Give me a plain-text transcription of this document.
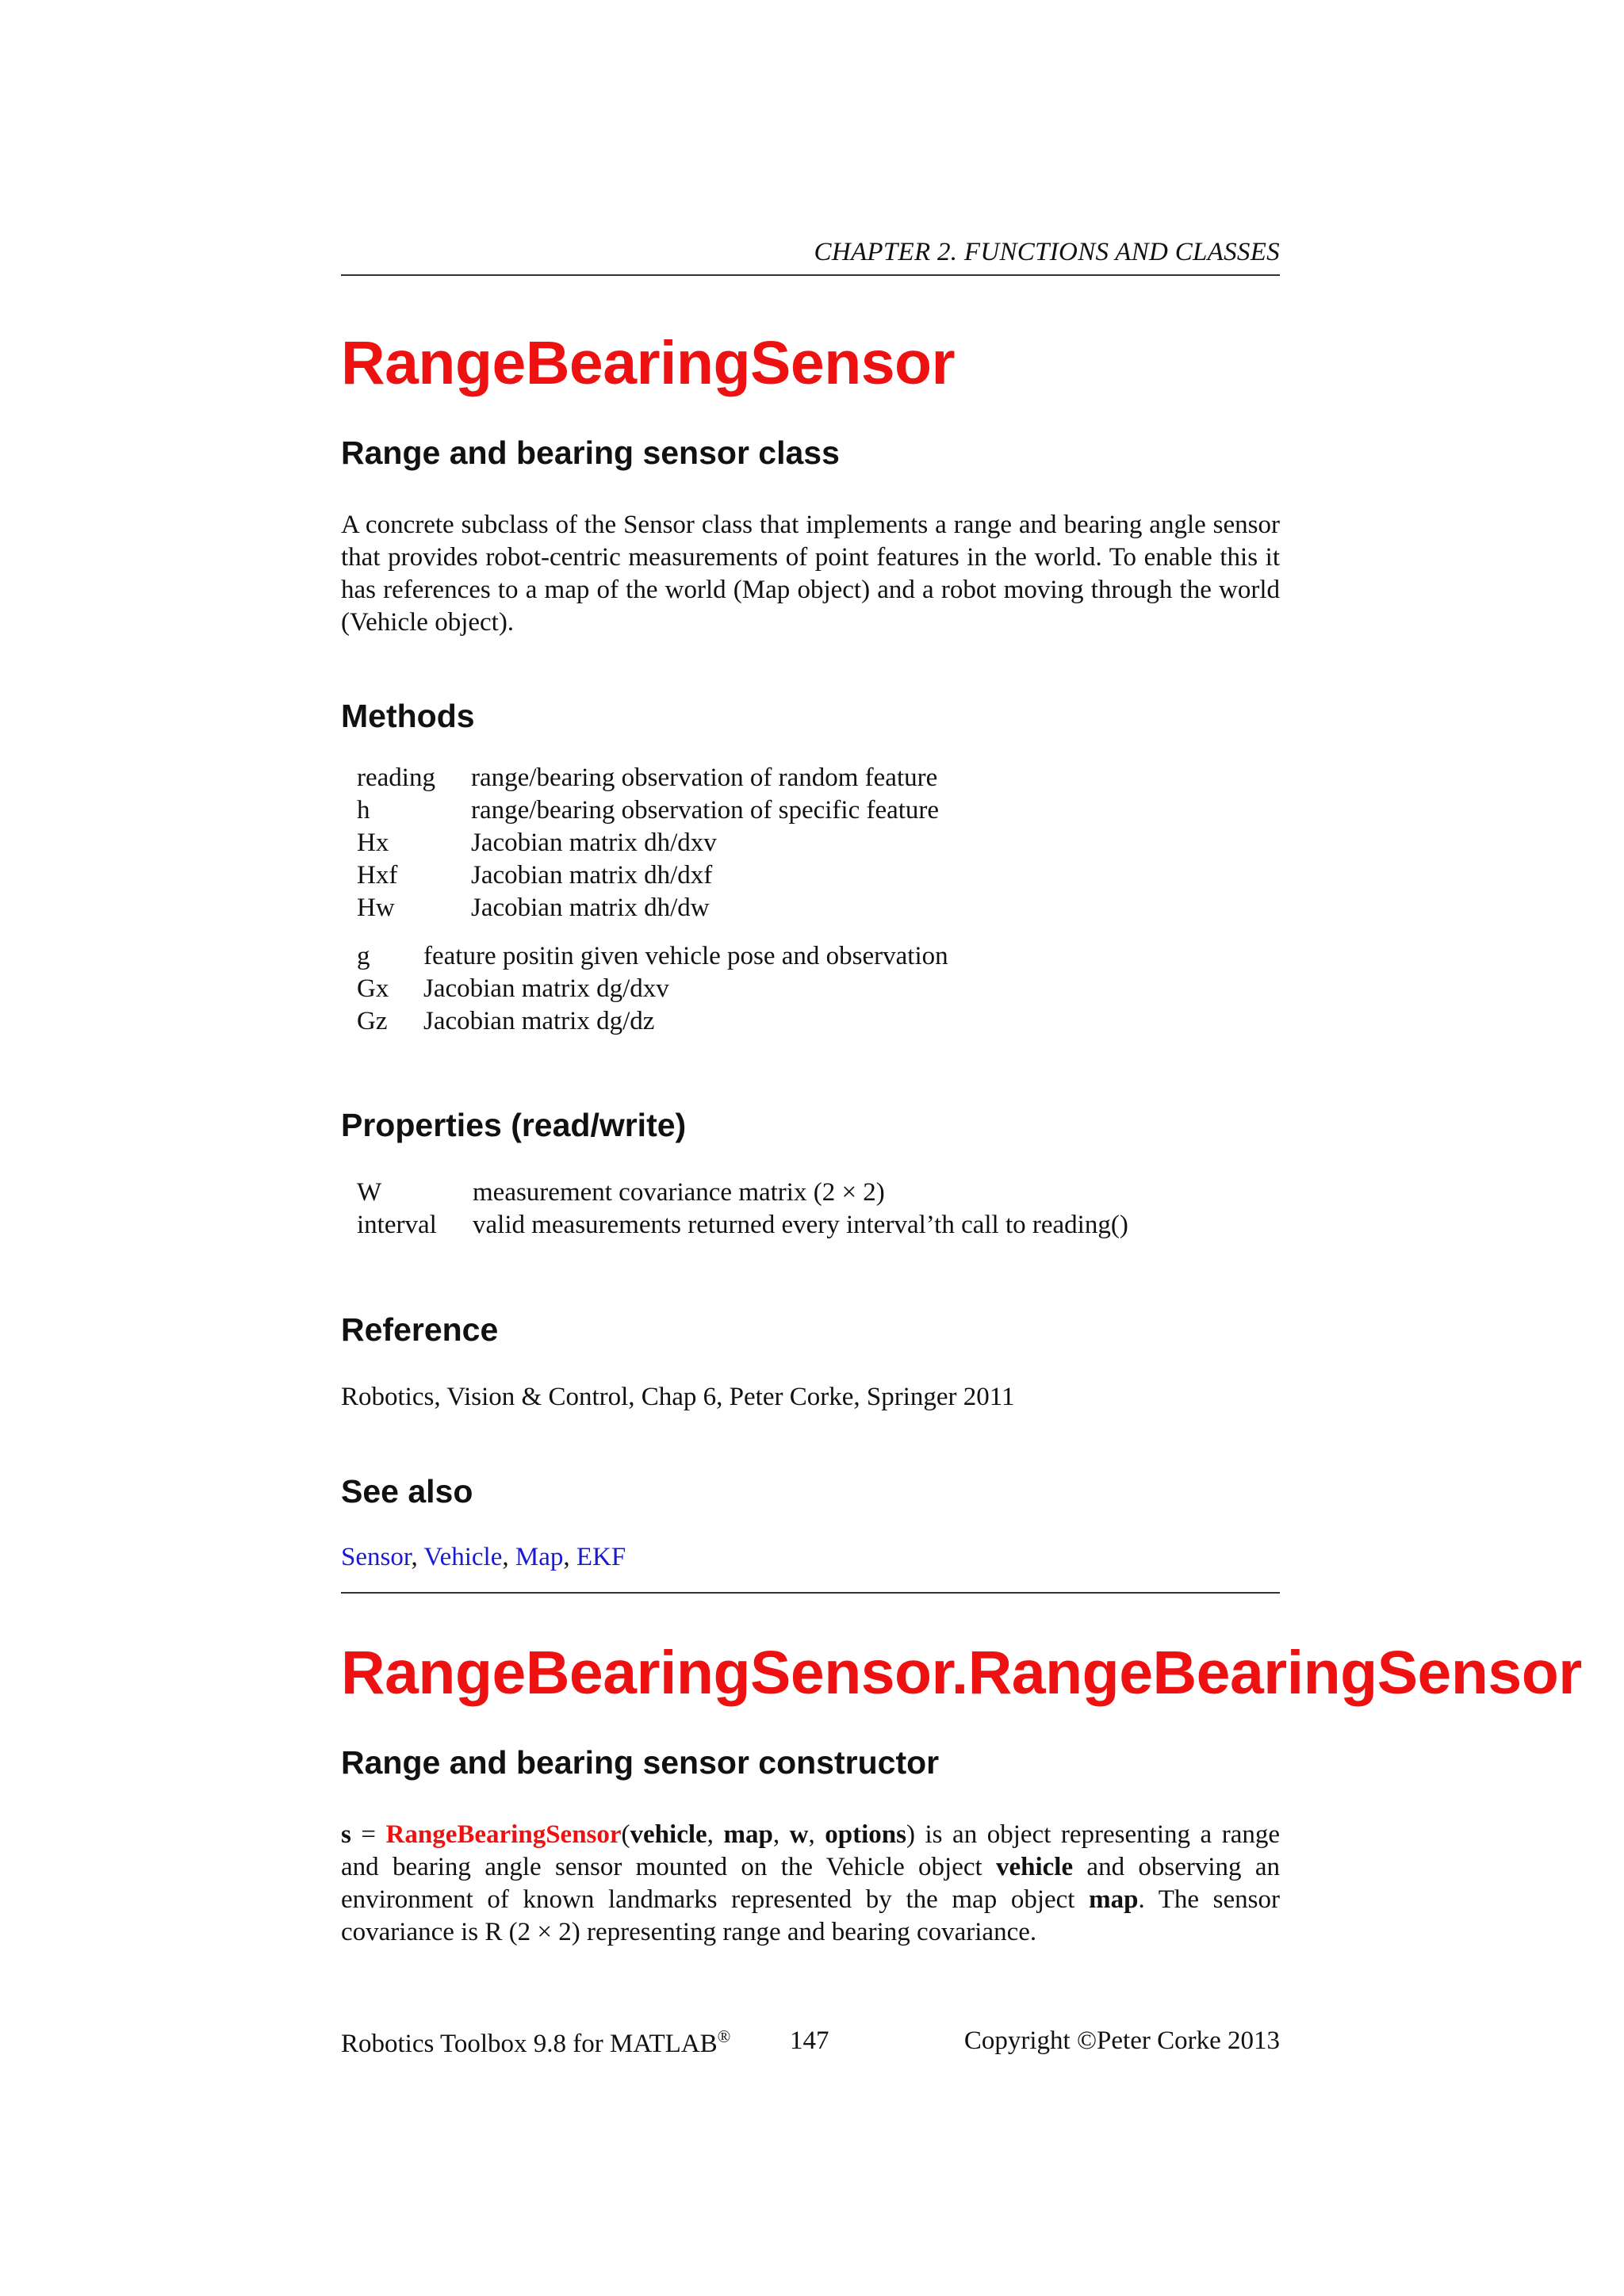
CHAPTER 2. FUNCTIONS AND CLASSES
RangeBearingSensor
Range and bearing sensor class
A concrete subclass of the Sensor class that implements a range and bearing angle sensor that provides robot-centric measurements of point features in the world. To enable this it has references to a map of the world (Map object) and a robot moving through the world (Vehicle object).
Methods
reading range/bearing observation of random feature
h	range/bearing observation of specific feature
Hx	Jacobian matrix dh/dxv
Hxf	Jacobian matrix dh/dxf
Hw	Jacobian matrix dh/dw
g feature positin given vehicle pose and observation
Gx Jacobian matrix dg/dxv
Gz Jacobian matrix dg/dz
Properties (read/write)
W	measurement covariance matrix (2 × 2)
interval valid measurements returned every interval’th call to reading()
Reference
Robotics, Vision & Control, Chap 6, Peter Corke, Springer 2011
See also
Sensor, Vehicle, Map, EKF
RangeBearingSensor.RangeBearingSensor
Range and bearing sensor constructor
s = RangeBearingSensor(vehicle, map, w, options) is an object representing a range and bearing angle sensor mounted on the Vehicle object vehicle and observing an environment of known landmarks represented by the map object map. The sensor covariance is R (2 × 2) representing range and bearing covariance.
Robotics Toolbox 9.8 for MATLAB® 147	Copyright ©Peter Corke 2013
